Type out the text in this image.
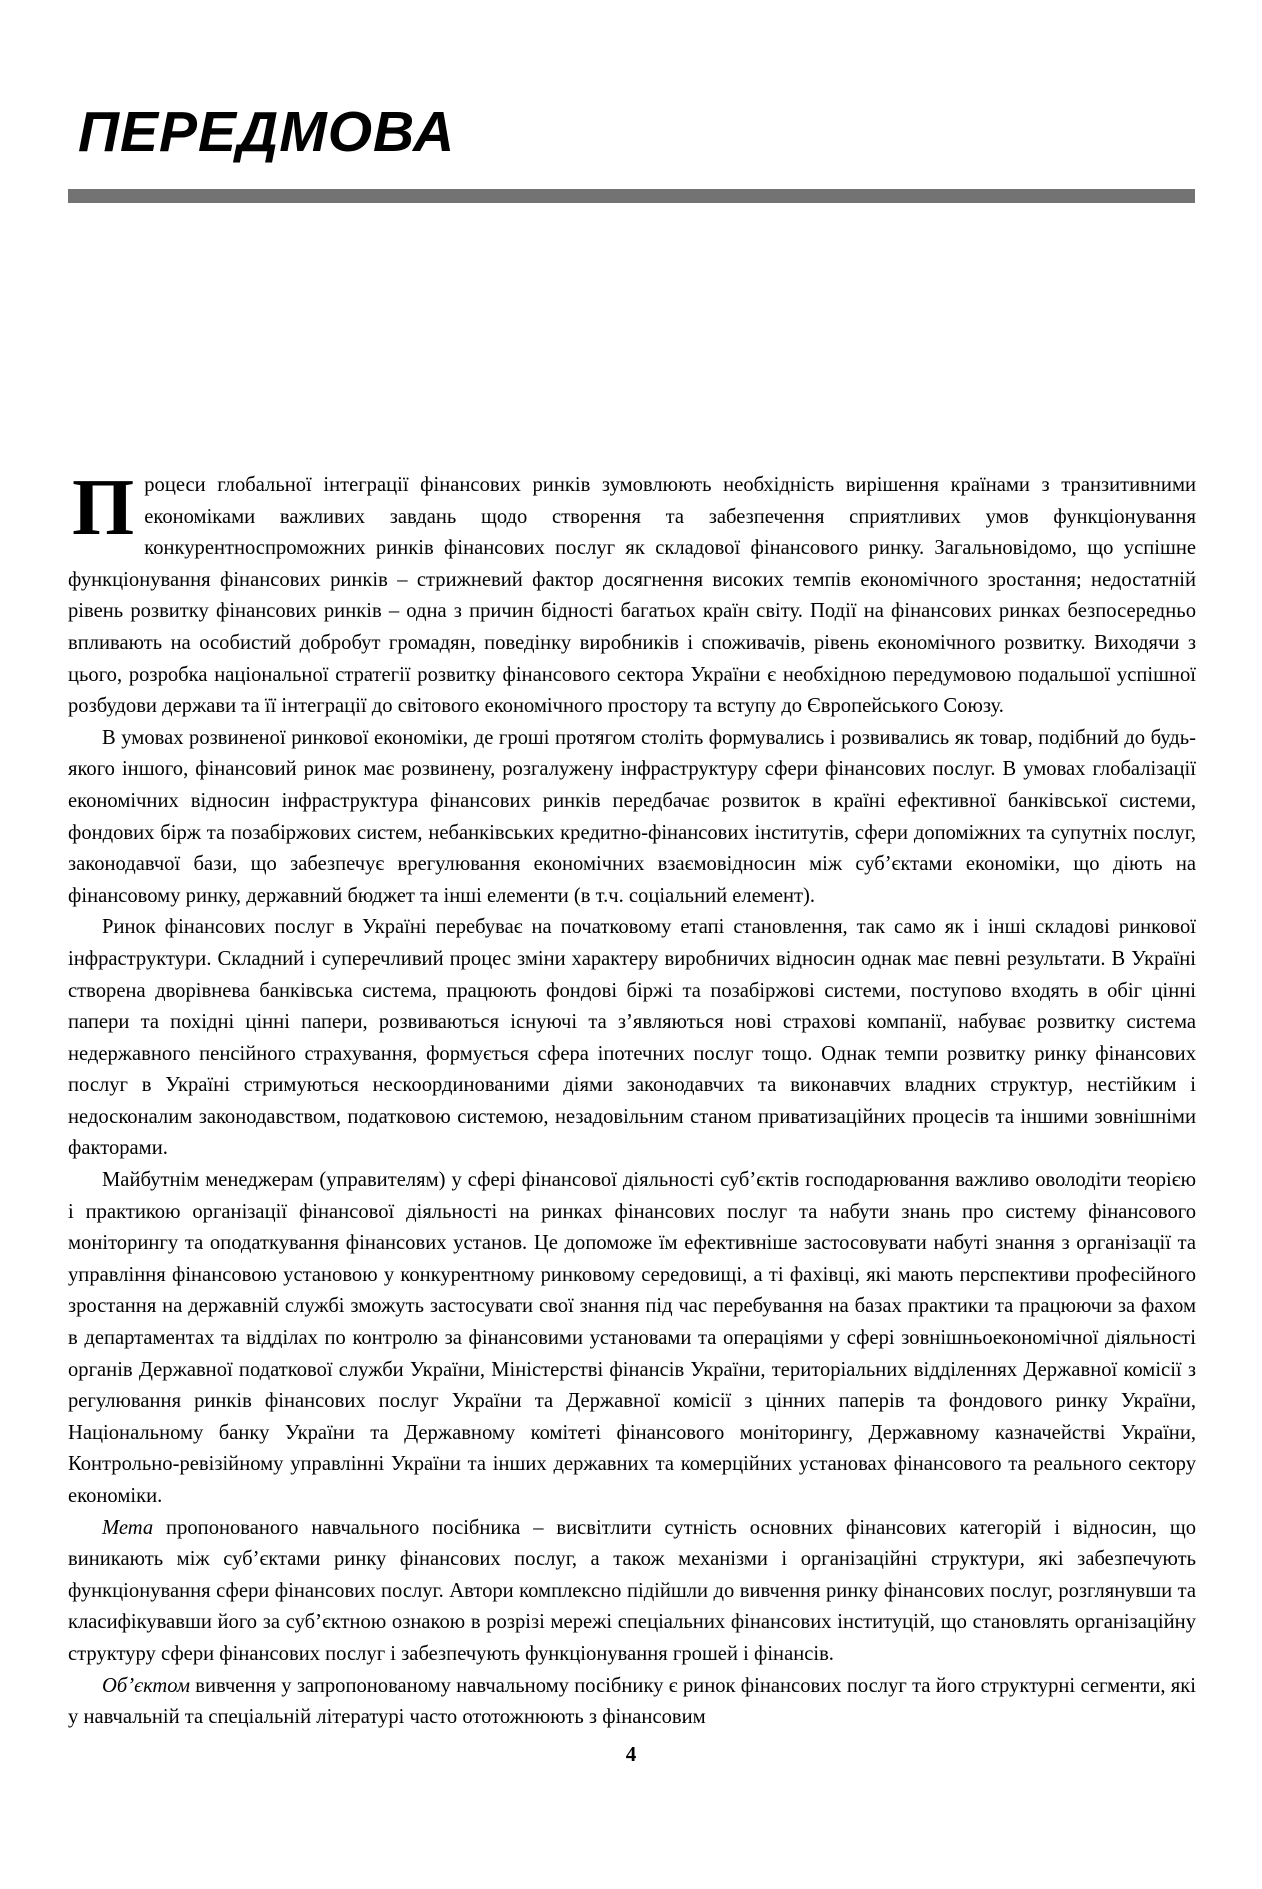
ПЕРЕДМОВА

Процеси глобальної інтеграції фінансових ринків зумовлюють необхідність вирішення країнами з транзитивними економіками важливих завдань щодо створення та забезпечення сприятливих умов функціонування конкурентноспроможних ринків фінансових послуг як складової фінансового ринку. Загальновідомо, що успішне функціонування фінансових ринків – стрижневий фактор досягнення високих темпів економічного зростання; недостатній рівень розвитку фінансових ринків – одна з причин бідності багатьох країн світу. Події на фінансових ринках безпосередньо впливають на особистий добробут громадян, поведінку виробників і споживачів, рівень економічного розвитку. Виходячи з цього, розробка національної стратегії розвитку фінансового сектора України є необхідною передумовою подальшої успішної розбудови держави та її інтеграції до світового економічного простору та вступу до Європейського Союзу.

В умовах розвиненої ринкової економіки, де гроші протягом століть формувались і розвивались як товар, подібний до будь-якого іншого, фінансовий ринок має розвинену, розгалужену інфраструктуру сфери фінансових послуг. В умовах глобалізації економічних відносин інфраструктура фінансових ринків передбачає розвиток в країні ефективної банківської системи, фондових бірж та позабіржових систем, небанківських кредитно-фінансових інститутів, сфери допоміжних та супутніх послуг, законодавчої бази, що забезпечує врегулювання економічних взаємовідносин між суб’єктами економіки, що діють на фінансовому ринку, державний бюджет та інші елементи (в т.ч. соціальний елемент).

Ринок фінансових послуг в Україні перебуває на початковому етапі становлення, так само як і інші складові ринкової інфраструктури. Складний і суперечливий процес зміни характеру виробничих відносин однак має певні результати. В Україні створена дворівнева банківська система, працюють фондові біржі та позабіржові системи, поступово входять в обіг цінні папери та похідні цінні папери, розвиваються існуючі та з’являються нові страхові компанії, набуває розвитку система недержавного пенсійного страхування, формується сфера іпотечних послуг тощо. Однак темпи розвитку ринку фінансових послуг в Україні стримуються нескоординованими діями законодавчих та виконавчих владних структур, нестійким і недосконалим законодавством, податковою системою, незадовільним станом приватизаційних процесів та іншими зовнішніми факторами.

Майбутнім менеджерам (управителям) у сфері фінансової діяльності суб’єктів господарювання важливо оволодіти теорією і практикою організації фінансової діяльності на ринках фінансових послуг та набути знань про систему фінансового моніторингу та оподаткування фінансових установ. Це допоможе їм ефективніше застосовувати набуті знання з організації та управління фінансовою установою у конкурентному ринковому середовищі, а ті фахівці, які мають перспективи професійного зростання на державній службі зможуть застосувати свої знання під час перебування на базах практики та працюючи за фахом в департаментах та відділах по контролю за фінансовими установами та операціями у сфері зовнішньоекономічної діяльності органів Державної податкової служби України, Міністерстві фінансів України, територіальних відділеннях Державної комісії з регулювання ринків фінансових послуг України та Державної комісії з цінних паперів та фондового ринку України, Національному банку України та Державному комітеті фінансового моніторингу, Державному казначействі України, Контрольно-ревізійному управлінні України та інших державних та комерційних установах фінансового та реального сектору економіки.

Мета пропонованого навчального посібника – висвітлити сутність основних фінансових категорій і відносин, що виникають між суб’єктами ринку фінансових послуг, а також механізми і організаційні структури, які забезпечують функціонування сфери фінансових послуг. Автори комплексно підійшли до вивчення ринку фінансових послуг, розглянувши та класифікувавши його за суб’єктною ознакою в розрізі мережі спеціальних фінансових інституцій, що становлять організаційну структуру сфери фінансових послуг і забезпечують функціонування грошей і фінансів.

Об’єктом вивчення у запропонованому навчальному посібнику є ринок фінансових послуг та його структурні сегменти, які у навчальній та спеціальній літературі часто ототожнюють з фінансовим

4
